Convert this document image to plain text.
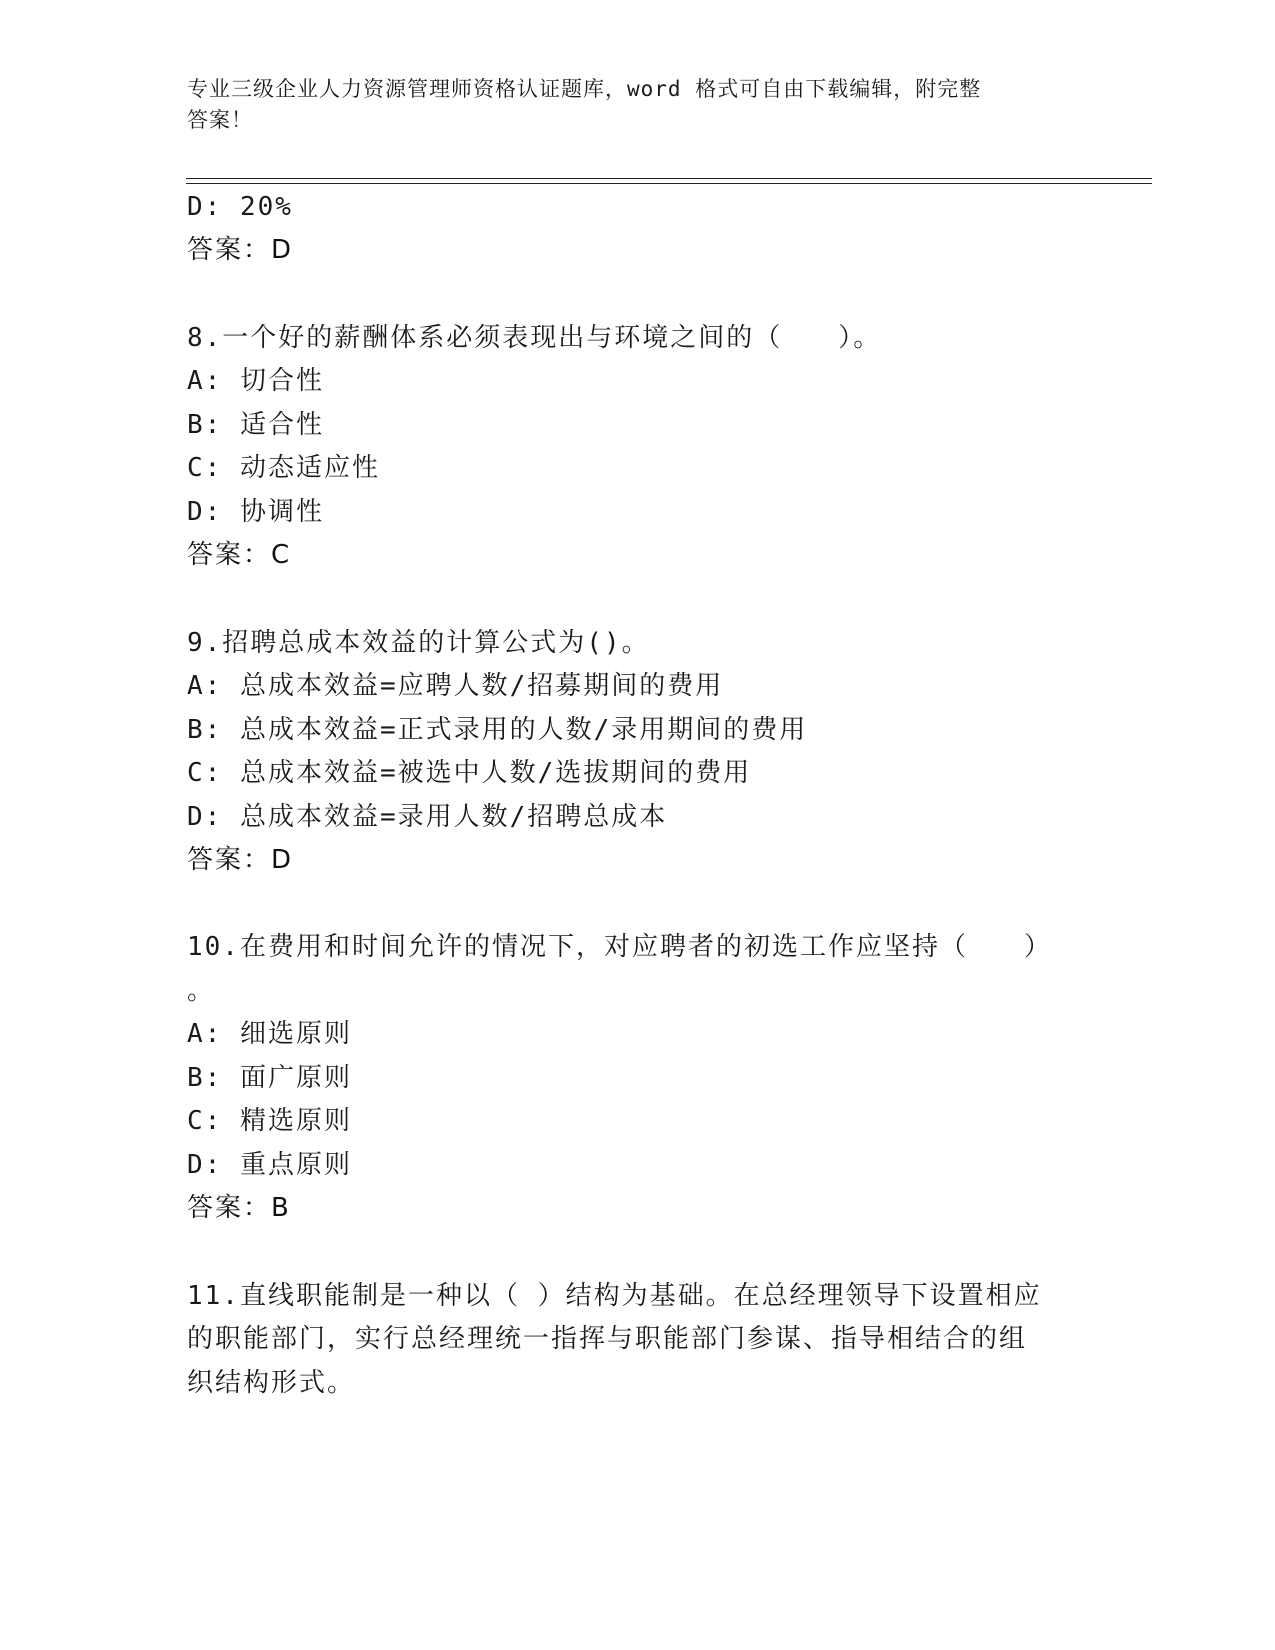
专业三级企业人力资源管理师资格认证题库，word 格式可自由下载编辑，附完整
答案！
D: 20%
答案：D
8.一个好的薪酬体系必须表现出与环境之间的（　　）。
A: 切合性
B: 适合性
C: 动态适应性
D: 协调性
答案：C
9.招聘总成本效益的计算公式为()。
A: 总成本效益=应聘人数/招募期间的费用
B: 总成本效益=正式录用的人数/录用期间的费用
C: 总成本效益=被选中人数/选拔期间的费用
D: 总成本效益=录用人数/招聘总成本
答案：D
10.在费用和时间允许的情况下，对应聘者的初选工作应坚持（　　）
。
A: 细选原则
B: 面广原则
C: 精选原则
D: 重点原则
答案：B
11.直线职能制是一种以（ ）结构为基础。在总经理领导下设置相应
的职能部门，实行总经理统一指挥与职能部门参谋、指导相结合的组
织结构形式。
